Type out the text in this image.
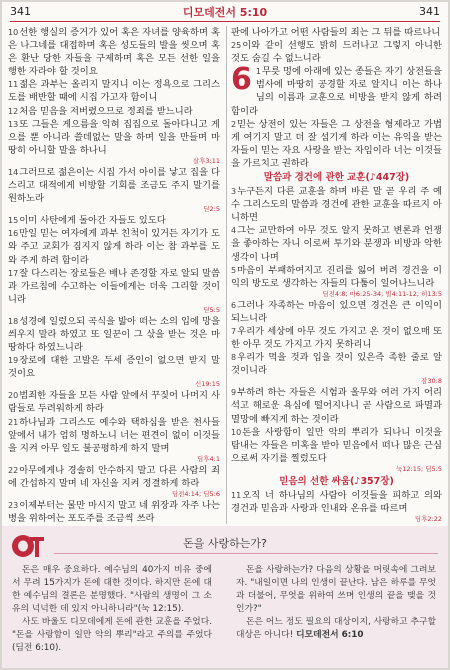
341	디모데전서 5:10	341

10선한 행실의 증거가 있어 혹은 자녀를 양육하며 혹은 나그네를 대접하며 혹은 성도들의 발을 씻으며 혹은 환난 당한 자들을 구제하며 혹은 모든 선한 일을 행한 자라야 할 것이요

11젊은 과부는 올리지 말지니 이는 정욕으로 그리스도를 배반할 때에 시집 가고자 함이니

12처음 믿음을 저버렸으므로 정죄를 받느니라

13또 그들은 게으름을 익혀 집집으로 돌아다니고 게으를 뿐 아니라 쓸데없는 말을 하며 일을 만들며 마땅히 아니할 말을 하나니

살후3:11

14그러므로 젊은이는 시집 가서 아이를 낳고 집을 다스리고 대적에게 비방할 기회를 조금도 주지 말기를 원하노라

딛2:5

15이미 사탄에게 돌아간 자들도 있도다

16만일 믿는 여자에게 과부 친척이 있거든 자기가 도와 주고 교회가 짐지지 않게 하라 이는 참 과부를 도와 주게 하려 함이라

17잘 다스리는 장로들은 배나 존경할 자로 알되 말씀과 가르침에 수고하는 이들에게는 더욱 그리할 것이니라

딛5:5

18성경에 일렀으되 곡식을 밟아 떠는 소의 입에 망을 씌우지 말라 하였고 또 일꾼이 그 삯을 받는 것은 마땅하다 하였느니라

19장로에 대한 고발은 두세 증인이 없으면 받지 말 것이요

신19:15

20범죄한 자들을 모든 사람 앞에서 꾸짖어 나머지 사람들로 두려워하게 하라

21하나님과 그리스도 예수와 택하심을 받은 천사들 앞에서 내가 엄히 명하노니 너는 편견이 없이 이것들을 지켜 아무 일도 불공평하게 하지 말며

딤후4:1

22아무에게나 경솔히 안수하지 말고 다른 사람의 죄에 간섭하지 말며 네 자신을 지켜 정결하게 하라

딤전4:14; 딤5:6

23이제부터는 물만 마시지 말고 네 위장과 자주 나는 병을 위하여는 포도주를 조금씩 쓰라

판에 나아가고 어떤 사람들의 죄는 그 뒤를 따르나니

25이와 같이 선행도 밝히 드러나고 그렇지 아니한 것도 숨길 수 없느니라

6 1무릇 멍에 아래에 있는 종들은 자기 상전들을 범사에 마땅히 공경할 자로 알지니 이는 하나님의 이름과 교훈으로 비방을 받지 않게 하려 함이라

2믿는 상전이 있는 자들은 그 상전을 형제라고 가볍게 여기지 말고 더 잘 섬기게 하라 이는 유익을 받는 자들이 믿는 자요 사랑을 받는 자임이라 너는 이것들을 가르치고 권하라

말씀과 경건에 관한 교훈(♪447장)

3누구든지 다른 교훈을 하며 바른 말 곧 우리 주 예수 그리스도의 말씀과 경건에 관한 교훈을 따르지 아니하면

4그는 교만하여 아무 것도 알지 못하고 변론과 언쟁을 좋아하는 자니 이로써 투기와 분쟁과 비방과 악한 생각이 나며

5마음이 부패하여지고 진리를 잃어 버려 경건을 이익의 방도로 생각하는 자들의 다툼이 일어나느니라

딤전4:8; 마6:25-34; 빌4:11-12; 히13:5

6그러나 자족하는 마음이 있으면 경건은 큰 이익이 되느니라

7우리가 세상에 아무 것도 가지고 온 것이 없으매 또한 아무 것도 가지고 가지 못하리니

8우리가 먹을 것과 입을 것이 있은즉 족한 줄로 알 것이니라

잠30:8

9부하려 하는 자들은 시험과 올무와 여러 가지 어리석고 해로운 욕심에 떨어지나니 곧 사람으로 파멸과 멸망에 빠지게 하는 것이라

10돈을 사랑함이 일만 악의 뿌리가 되나니 이것을 탐내는 자들은 미혹을 받아 믿음에서 떠나 많은 근심으로써 자기를 찔렀도다

눅12:15; 딤5:5
믿음의 선한 싸움(♪357장)

11오직 너 하나님의 사람아 이것들을 피하고 의와 경건과 믿음과 사랑과 인내와 온유를 따르며

딤후2:22
QT
돈을 사랑하는가?

돈은 매우 중요하다. 예수님의 40가지 비유 중에서 무려 15가지가 돈에 대한 것이다. 하지만 돈에 대한 예수님의 결론은 분명했다. "사람의 생명이 그 소유의 넉넉한 데 있지 아니하니라"(눅 12:15).

사도 바울도 디모데에게 돈에 관한 교훈을 주었다. "돈을 사랑함이 일만 악의 뿌리"라고 주의를 주었다(딤전 6:10).

돈을 사랑하는가? 다음의 상황을 머릿속에 그려보자. "내일이면 나의 인생이 끝난다. 남은 하루를 무엇과 더불어, 무엇을 위하여 쓰며 인생의 끝을 맺을 것인가?"

돈은 어느 정도 필요의 대상이지, 사랑하고 추구할 대상은 아니다! 디모데전서 6:10
